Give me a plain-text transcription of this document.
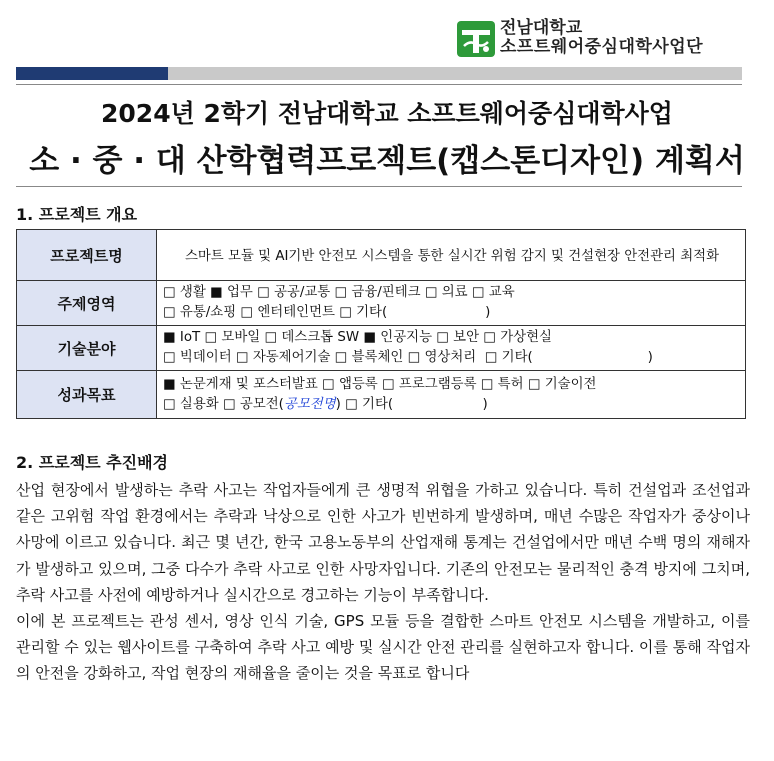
전남대학교
소프트웨어중심대학사업단
2024년 2학기 전남대학교 소프트웨어중심대학사업
소 · 중 · 대 산학협력프로젝트(캡스톤디자인) 계획서
1. 프로젝트 개요
프로젝트명	스마트 모듈 및 AI기반 안전모 시스템을 통한 실시간 위험 감지 및 건설현장 안전관리 최적화
주제영역	□ 생활 ■ 업무 □ 공공/교통 □ 금융/핀테크 □ 의료 □ 교육
□ 유통/쇼핑 □ 엔터테인먼트 □ 기타(                       )

기술분야	■ IoT □ 모바일 □ 데스크톱 SW ■ 인공지능 □ 보안 □ 가상현실
□ 빅데이터 □ 자동제어기술 □ 블록체인 □ 영상처리  □ 기타(                           )

성과목표	■ 논문게재 및 포스터발표 □ 앱등록 □ 프로그램등록 □ 특허 □ 기술이전
□ 실용화 □ 공모전(공모전명) □ 기타(                     )
2. 프로젝트 추진배경

산업 현장에서 발생하는 추락 사고는 작업자들에게 큰 생명적 위협을 가하고 있습니다. 특히 건설업과 조선업과 같은 고위험 작업 환경에서는 추락과 낙상으로 인한 사고가 빈번하게 발생하며, 매년 수많은 작업자가 중상이나 사망에 이르고 있습니다. 최근 몇 년간, 한국 고용노동부의 산업재해 통계는 건설업에서만 매년 수백 명의 재해자가 발생하고 있으며, 그중 다수가 추락 사고로 인한 사망자입니다. 기존의 안전모는 물리적인 충격 방지에 그치며, 추락 사고를 사전에 예방하거나 실시간으로 경고하는 기능이 부족합니다.

이에 본 프로젝트는 관성 센서, 영상 인식 기술, GPS 모듈 등을 결합한 스마트 안전모 시스템을 개발하고, 이를 관리할 수 있는 웹사이트를 구축하여 추락 사고 예방 및 실시간 안전 관리를 실현하고자 합니다. 이를 통해 작업자의 안전을 강화하고, 작업 현장의 재해율을 줄이는 것을 목표로 합니다
